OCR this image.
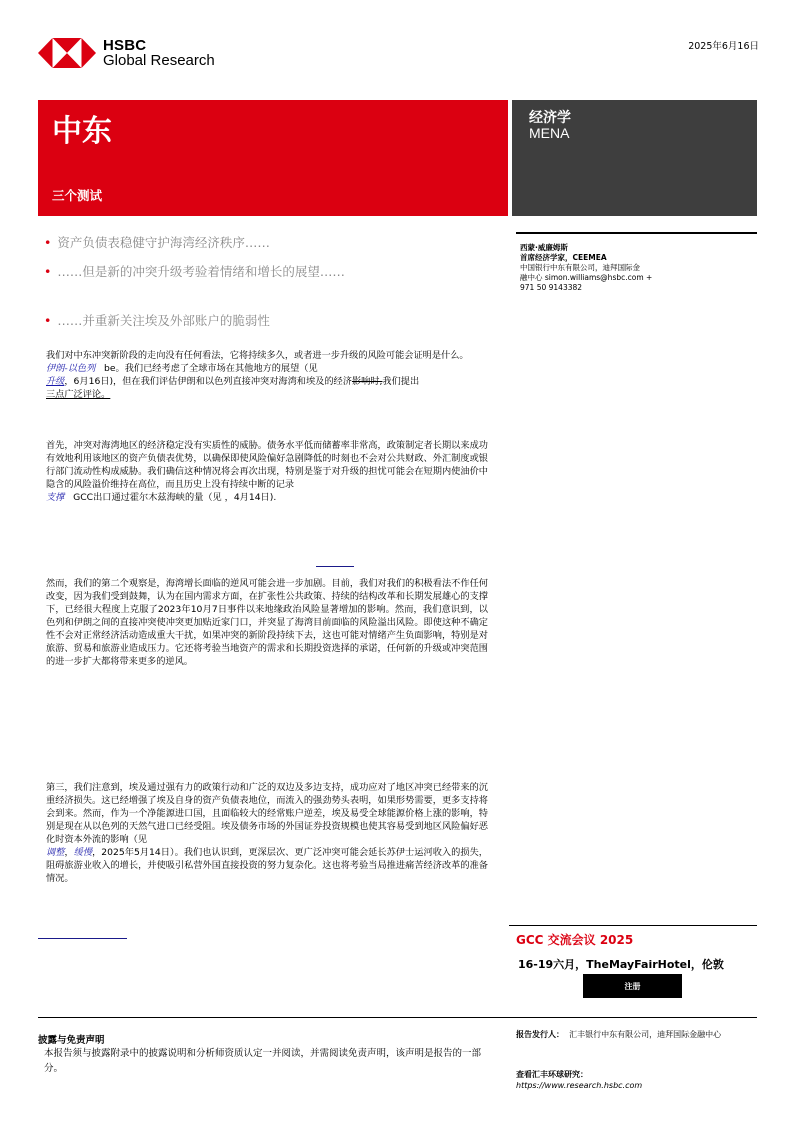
HSBC
Global Research
2025年6月16日
中东
三个测试
经济学
MENA
• 资产负债表稳健守护海湾经济秩序……
• ……但是新的冲突升级考验着情绪和增长的展望……
• ……并重新关注埃及外部账户的脆弱性
西蒙·威廉姆斯
首席经济学家，CEEMEA
中国银行中东有限公司，迪拜国际金
融中心 simon.williams@hsbc.com +
971 50 9143382
我们对中东冲突新阶段的走向没有任何看法，它将持续多久，或者进一步升级的风险可能会证明是什么。
伊朗-以色列 be。我们已经考虑了全球市场在其他地方的展望（见
升级，6月16日)，但在我们评估伊朗和以色列直接冲突对海湾和埃及的经济影响时,我们提出
三点广泛评论。
首先，冲突对海湾地区的经济稳定没有实质性的威胁。债务水平低而储蓄率非常高，政策制定者长期以来成功有效地利用该地区的资产负债表优势，以确保即使风险偏好急剧降低的时刻也不会对公共财政、外汇制度或银行部门流动性构成威胁。我们确信这种情况将会再次出现，特别是鉴于对升级的担忧可能会在短期内使油价中隐含的风险溢价维持在高位，而且历史上没有持续中断的记录
支撑 GCC出口通过霍尔木兹海峡的量（见 ，4月14日).
然而，我们的第二个观察是，海湾增长面临的逆风可能会进一步加剧。目前，我们对我们的积极看法不作任何改变，因为我们受到鼓舞，认为在国内需求方面，在扩张性公共政策、持续的结构改革和长期发展雄心的支撑下，已经很大程度上克服了2023年10月7日事件以来地缘政治风险显著增加的影响。然而，我们意识到，以色列和伊朗之间的直接冲突使冲突更加贴近家门口，并突显了海湾目前面临的风险溢出风险。即使这种不确定性不会对正常经济活动造成重大干扰，如果冲突的新阶段持续下去，这也可能对情绪产生负面影响，特别是对旅游、贸易和旅游业造成压力。它还将考验当地资产的需求和长期投资选择的承诺，任何新的升级或冲突范围的进一步扩大都将带来更多的逆风。
第三，我们注意到，埃及通过强有力的政策行动和广泛的双边及多边支持，成功应对了地区冲突已经带来的沉重经济损失。这已经增强了埃及自身的资产负债表地位，而流入的强劲势头表明，如果形势需要，更多支持将会到来。然而，作为一个净能源进口国，且面临较大的经常账户逆差，埃及易受全球能源价格上涨的影响，特别是现在从以色列的天然气进口已经受阻。埃及债务市场的外国证券投资规模也使其容易受到地区风险偏好恶化时资本外流的影响（见
调整，缓慢，2025年5月14日）。我们也认识到，更深层次、更广泛冲突可能会延长苏伊士运河收入的损失，阻碍旅游业收入的增长，并使吸引私营外国直接投资的努力复杂化。这也将考验当局推进痛苦经济改革的准备情况。
GCC 交流会议 2025
16-19六月，TheMayFairHotel，伦敦
注册
披露与免责声明
本报告须与披露附录中的披露说明和分析师资质认定一并阅读，并需阅读免责声明，该声明是报告的一部分。
报告发行人： 汇丰银行中东有限公司，迪拜国际金融中心
查看汇丰环球研究：
https://www.research.hsbc.com
